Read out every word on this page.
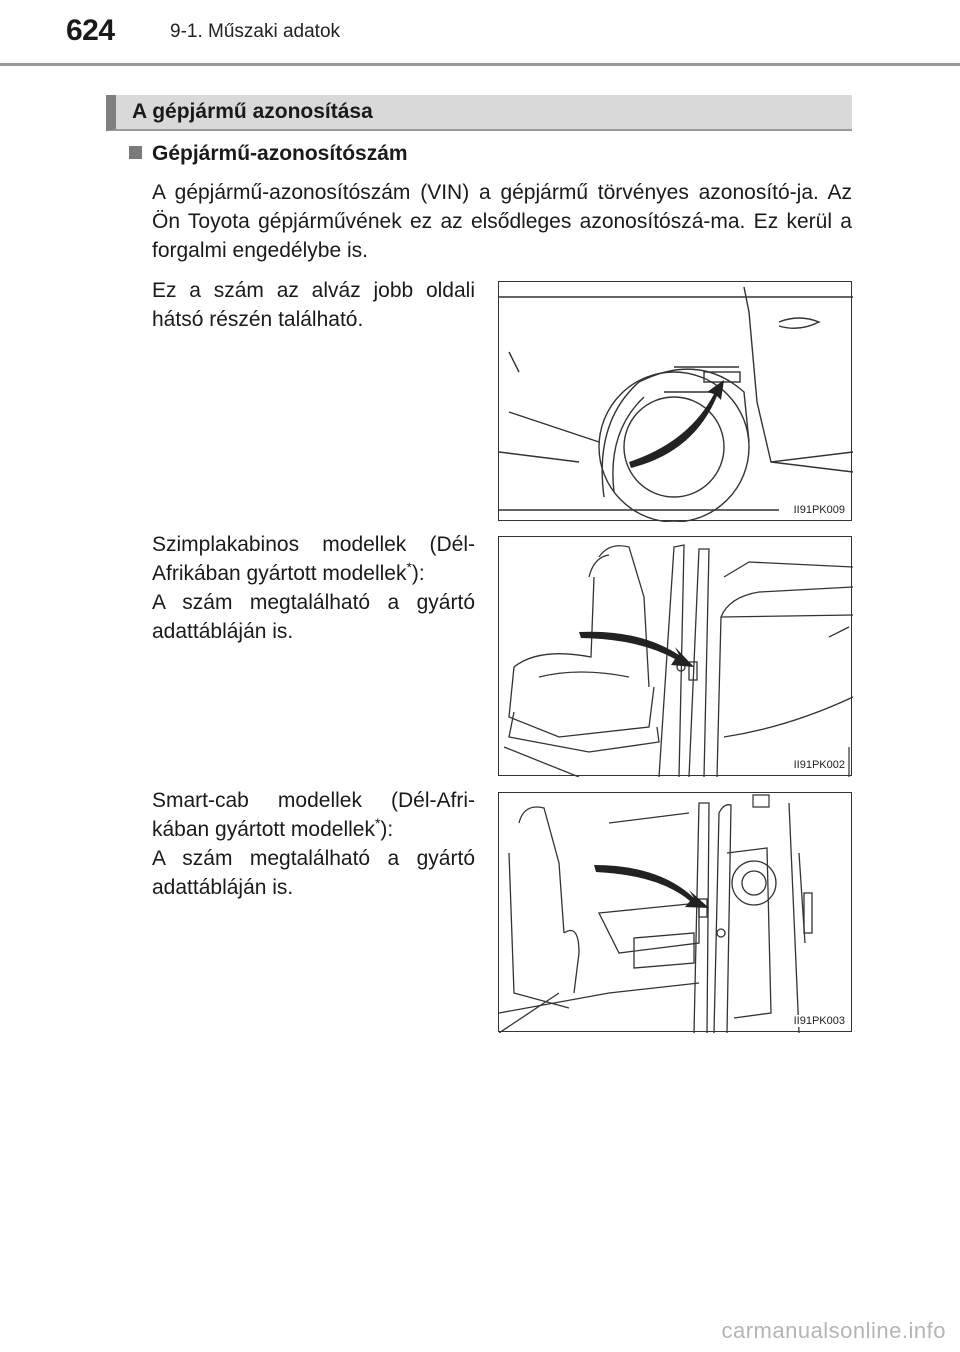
624	9-1. Műszaki adatok
A gépjármű azonosítása
Gépjármű-azonosítószám
A gépjármű-azonosítószám (VIN) a gépjármű törvényes azonosító-ja. Az Ön Toyota gépjárművének ez az elsődleges azonosítószá-ma. Ez kerül a forgalmi engedélybe is.

Ez a szám az alváz jobb oldali hátsó részén található.

II91PK009

Szimplakabinos modellek (Dél-Afrikában gyártott modellek*):

A szám megtalálható a gyártó adattábláján is.

II91PK002

Smart-cab modellek (Dél-Afri-kában gyártott modellek*):

A szám megtalálható a gyártó adattábláján is.

II91PK003
carmanualsonline.info
